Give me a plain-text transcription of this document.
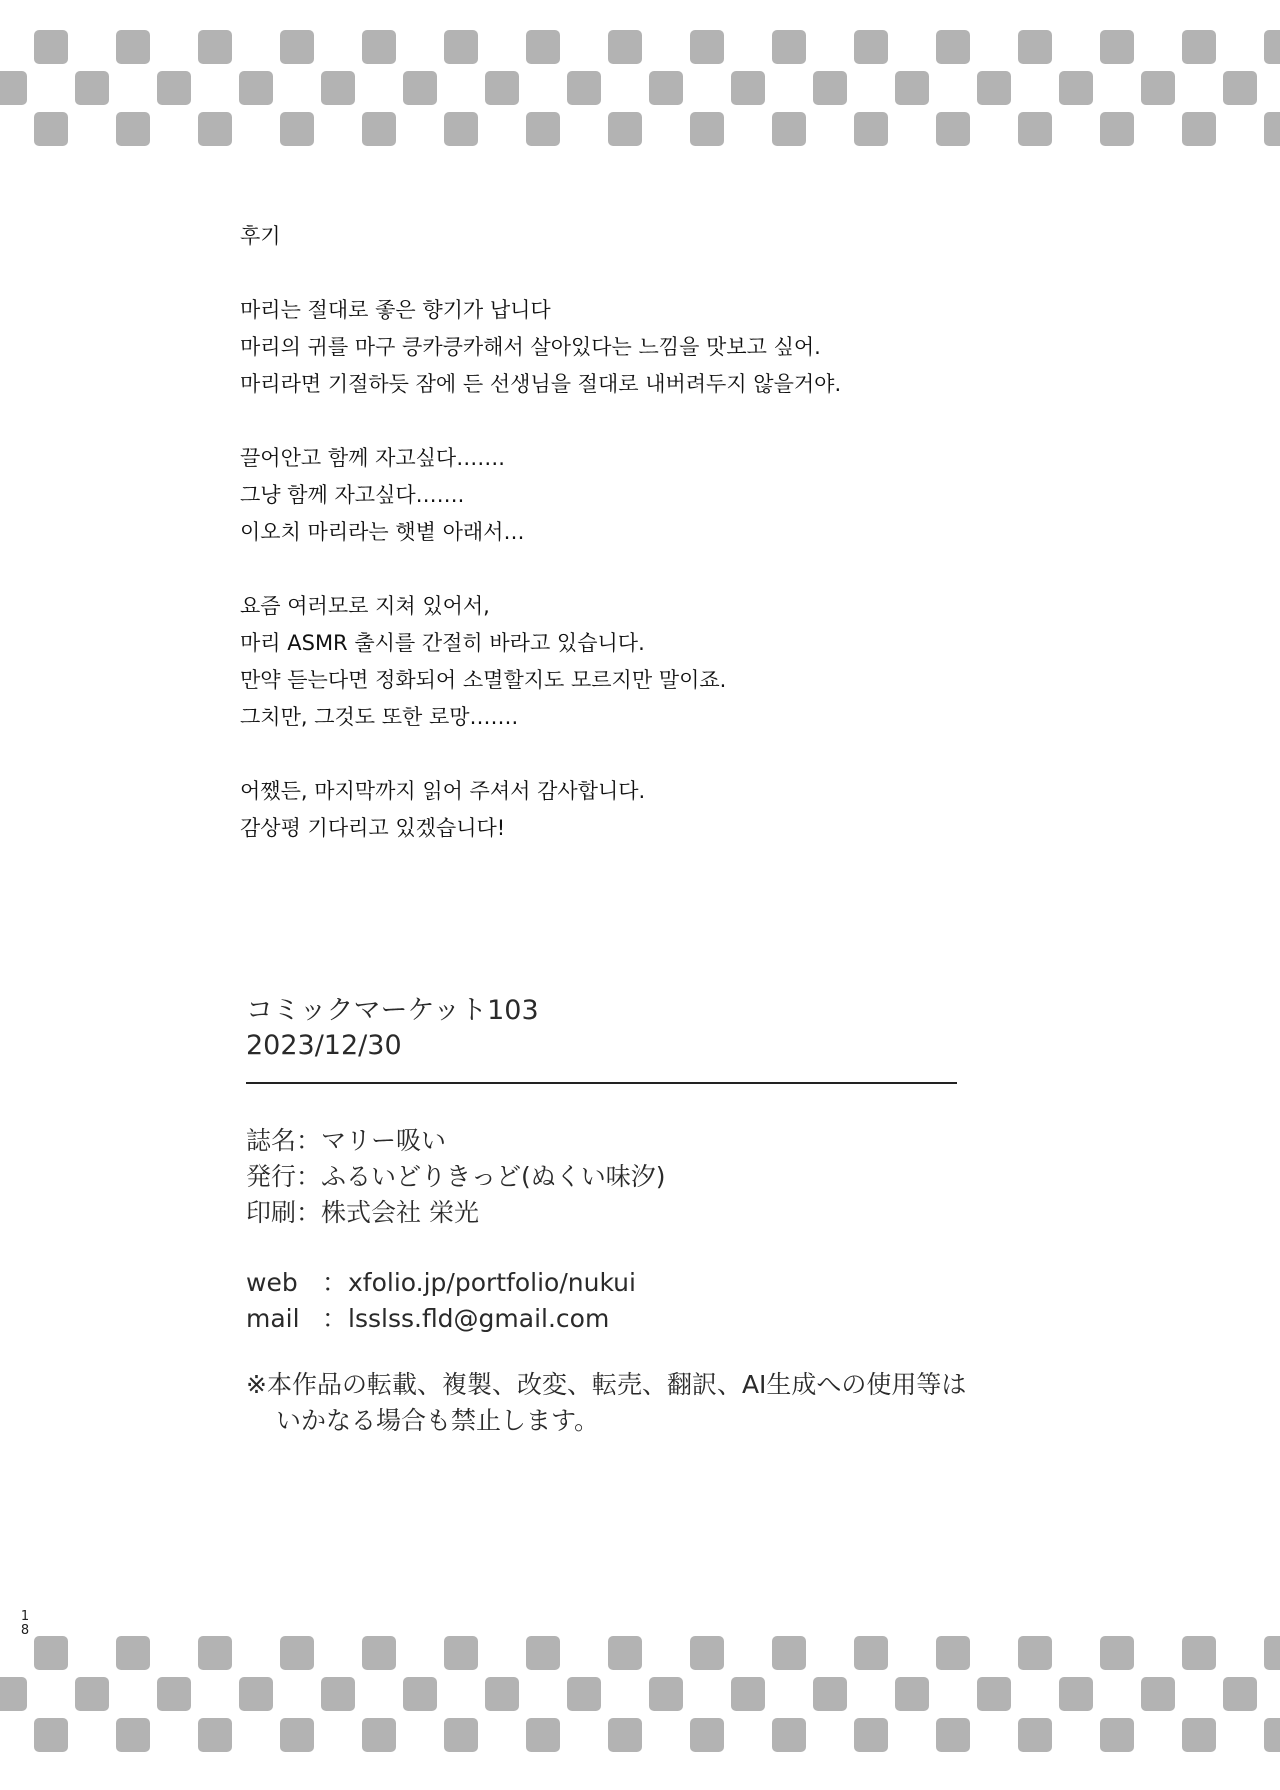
후기
마리는 절대로 좋은 향기가 납니다
마리의 귀를 마구 킁카킁카해서 살아있다는 느낌을 맛보고 싶어.
마리라면 기절하듯 잠에 든 선생님을 절대로 내버려두지 않을거야.
끌어안고 함께 자고싶다…….
그냥 함께 자고싶다…….
이오치 마리라는 햇볕 아래서…
요즘 여러모로 지쳐 있어서,
마리 ASMR 출시를 간절히 바라고 있습니다.
만약 듣는다면 정화되어 소멸할지도 모르지만 말이죠.
그치만, 그것도 또한 로망…….
어쨌든, 마지막까지 읽어 주셔서 감사합니다.
감상평 기다리고 있겠습니다!
コミックマーケット103
2023/12/30
誌名：マリー吸い
発行：ふるいどりきっど(ぬくい味汐)
印刷：株式会社 栄光
web ：xfolio.jp/portfolio/nukui
mail ：lsslss.fld@gmail.com
※本作品の転載、複製、改変、転売、翻訳、AI生成への使用等は
いかなる場合も禁止します。
1
8
